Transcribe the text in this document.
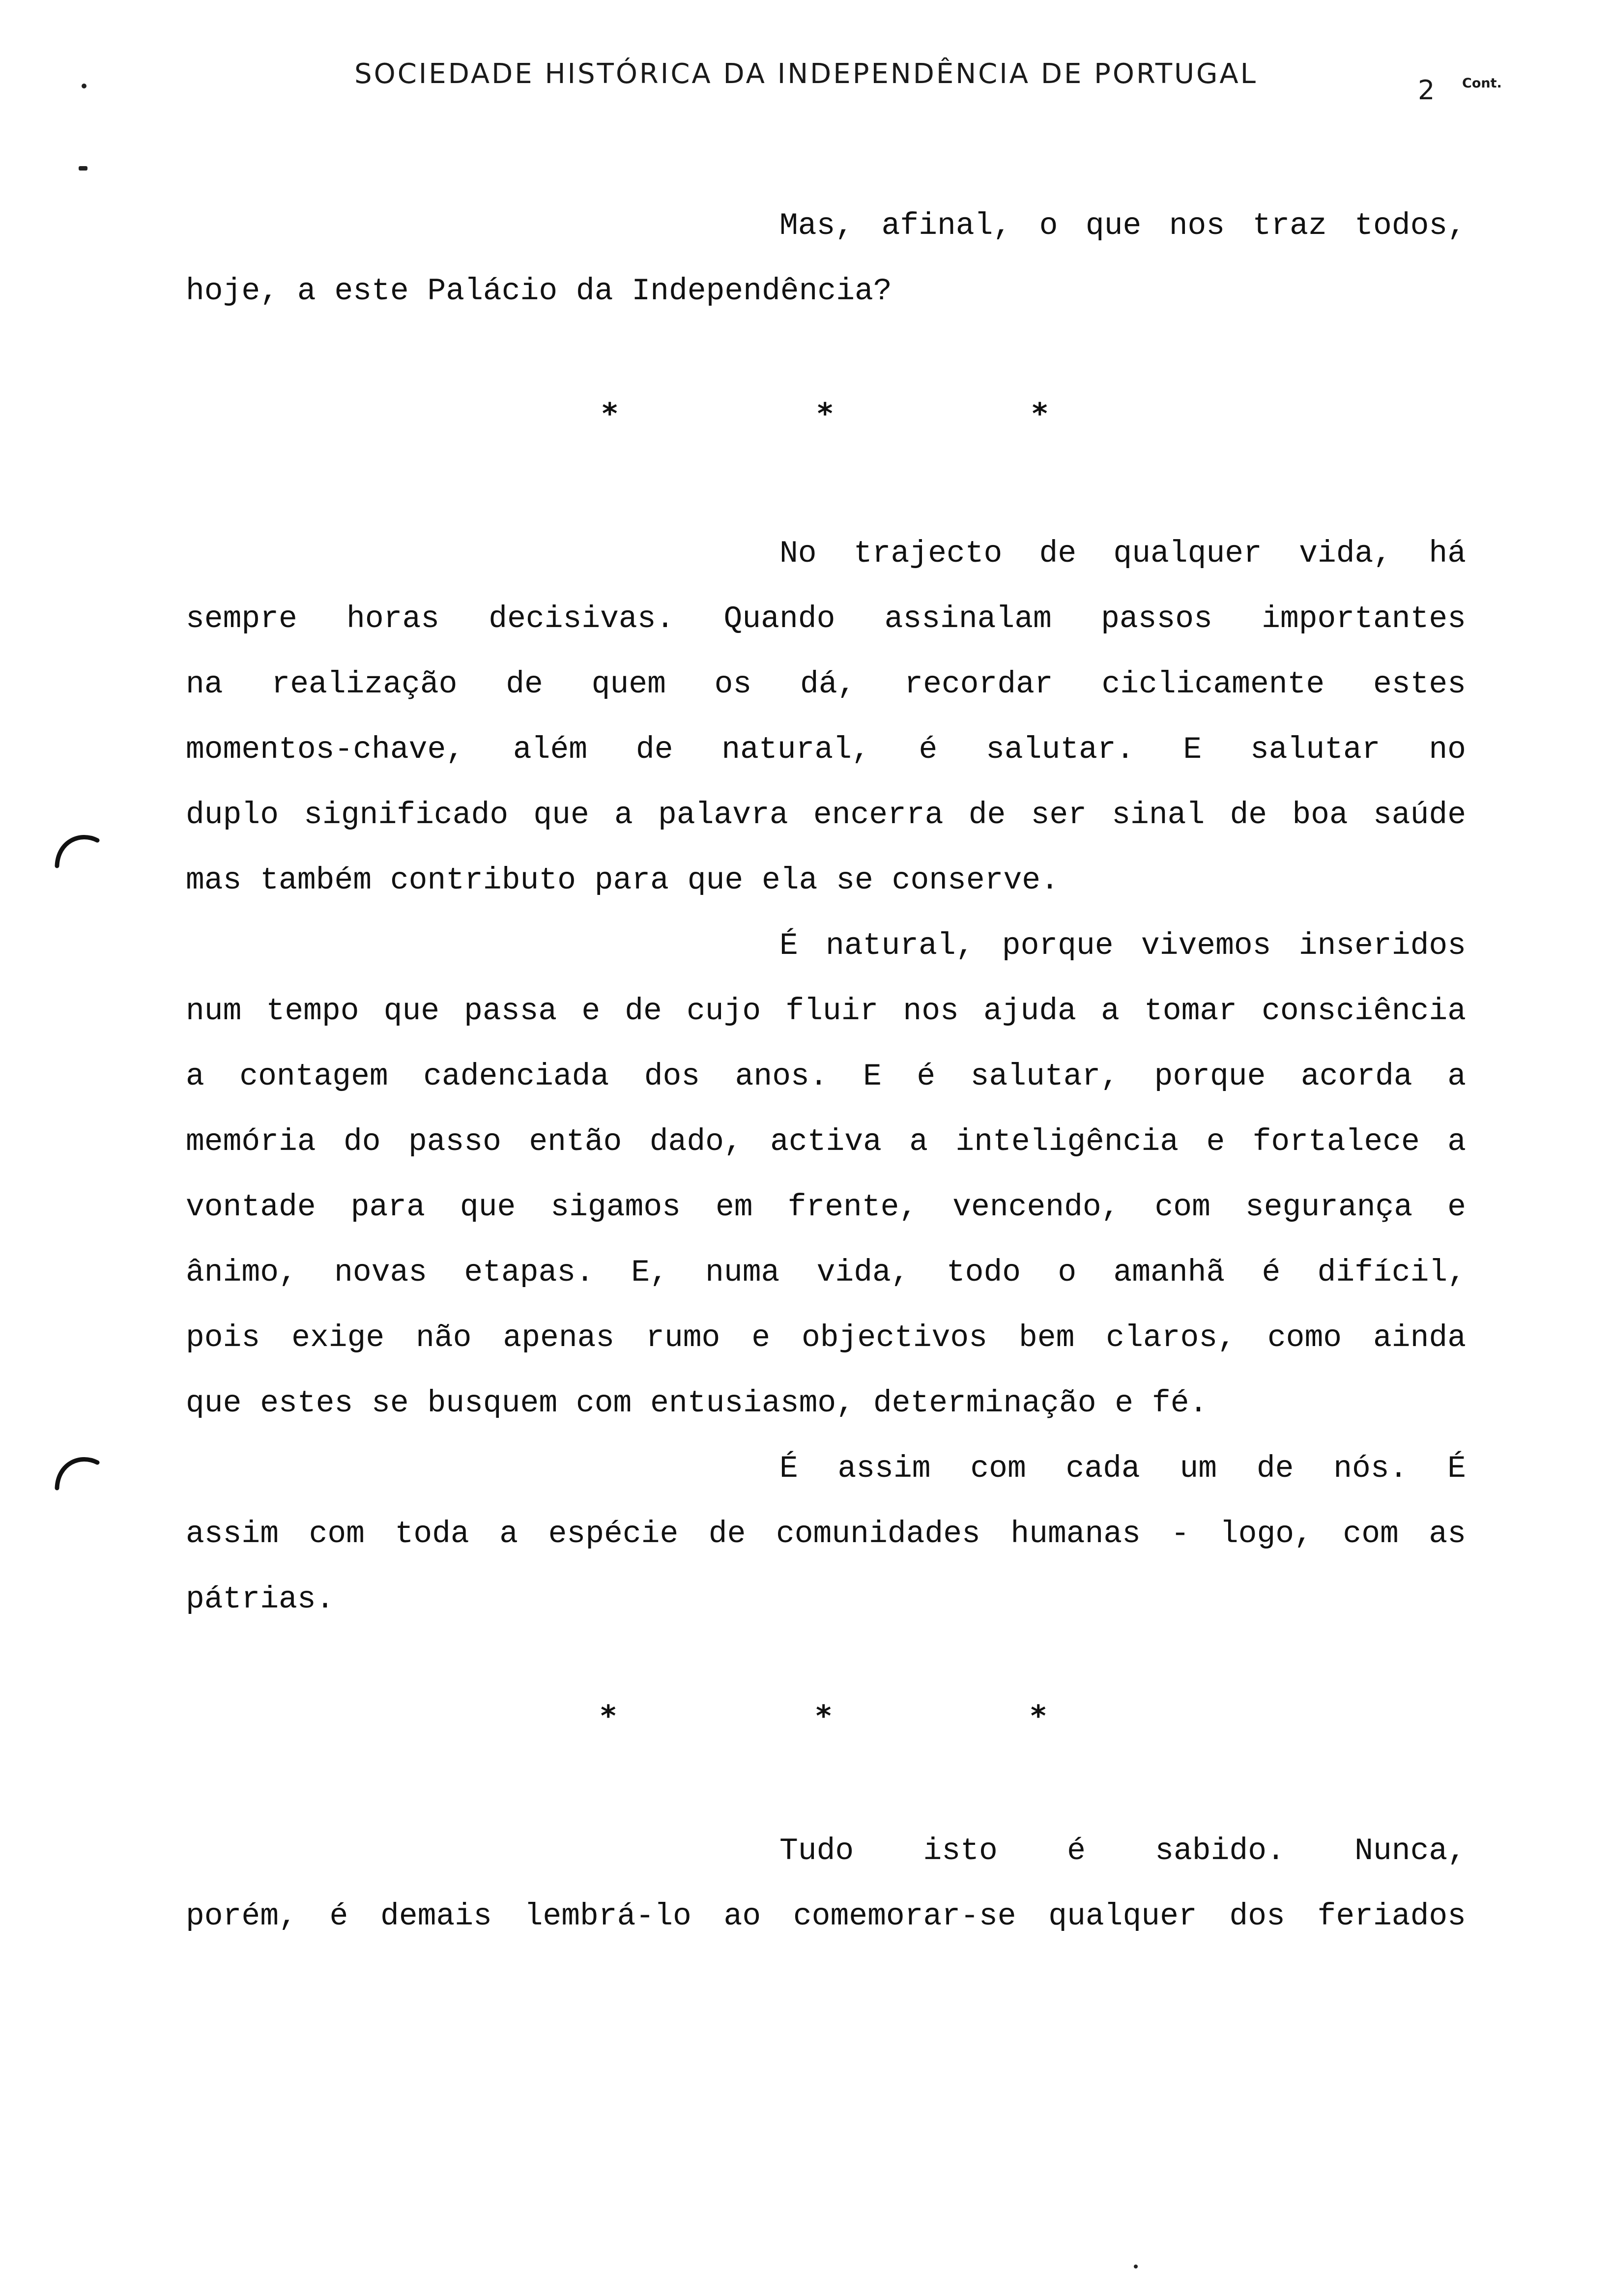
SOCIEDADE HISTÓRICA DA INDEPENDÊNCIA DE PORTUGAL
2 Cont.
Mas, afinal, o que nos traz todos,
hoje, a este Palácio da Independência?
*	*	*
No trajecto de qualquer vida, há
sempre horas decisivas. Quando assinalam passos importantes
na realização de quem os dá, recordar ciclicamente estes
momentos-chave, além de natural, é salutar. E salutar no
duplo significado que a palavra encerra de ser sinal de boa saúde
mas também contributo para que ela se conserve.
É natural, porque vivemos inseridos
num tempo que passa e de cujo fluir nos ajuda a tomar consciência
a contagem cadenciada dos anos. E é salutar, porque acorda a
memória do passo então dado, activa a inteligência e fortalece a
vontade para que sigamos em frente, vencendo, com segurança e
ânimo, novas etapas. E, numa vida, todo o amanhã é difícil,
pois exige não apenas rumo e objectivos bem claros, como ainda
que estes se busquem com entusiasmo, determinação e fé.
É assim com cada um de nós. É
assim com toda a espécie de comunidades humanas - logo, com as
pátrias.
*	*	*
Tudo isto é sabido. Nunca,
porém, é demais lembrá-lo ao comemorar-se qualquer dos feriados
